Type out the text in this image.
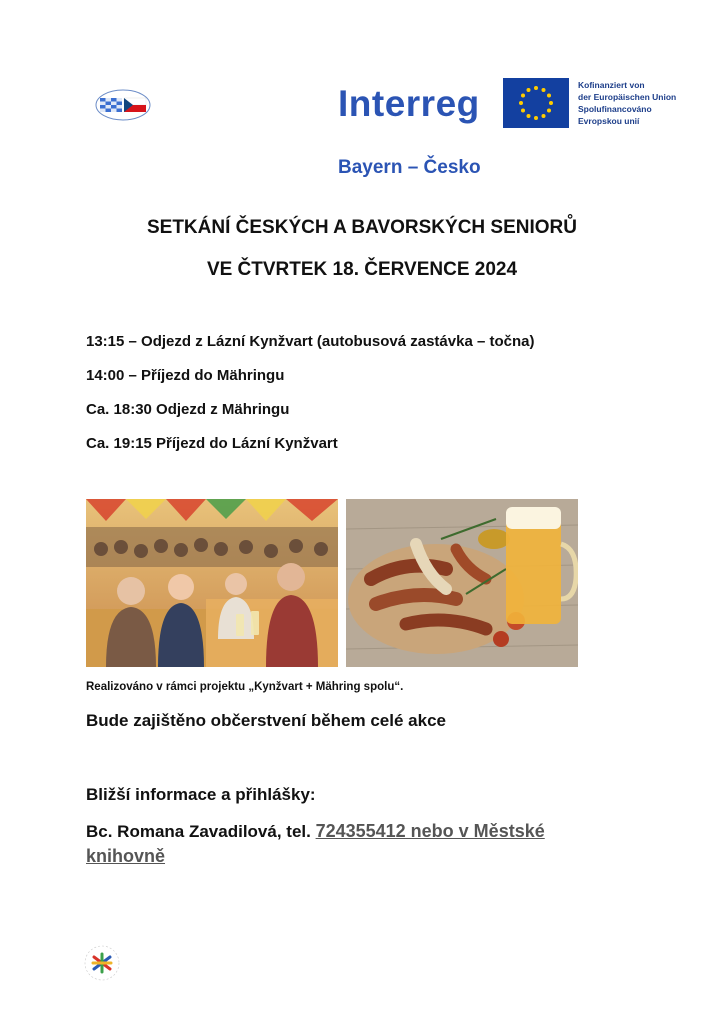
Interreg	Kofinanziert von
der Europäischen Union
Spolufinancováno
Evropskou unií
Bayern – Česko
SETKÁNÍ ČESKÝCH A BAVORSKÝCH SENIORŮ
VE ČTVRTEK 18. ČERVENCE 2024
13:15 – Odjezd z Lázní Kynžvart (autobusová zastávka – točna)
14:00 – Příjezd do Mähringu
Ca. 18:30 Odjezd z Mähringu
Ca. 19:15 Příjezd do Lázní Kynžvart
Realizováno v rámci projektu „Kynžvart + Mähring spolu“.
Bude zajištěno občerstvení během celé akce
Bližší informace a přihlášky:
Bc. Romana Zavadilová, tel. 724355412 nebo v Městské knihovně
